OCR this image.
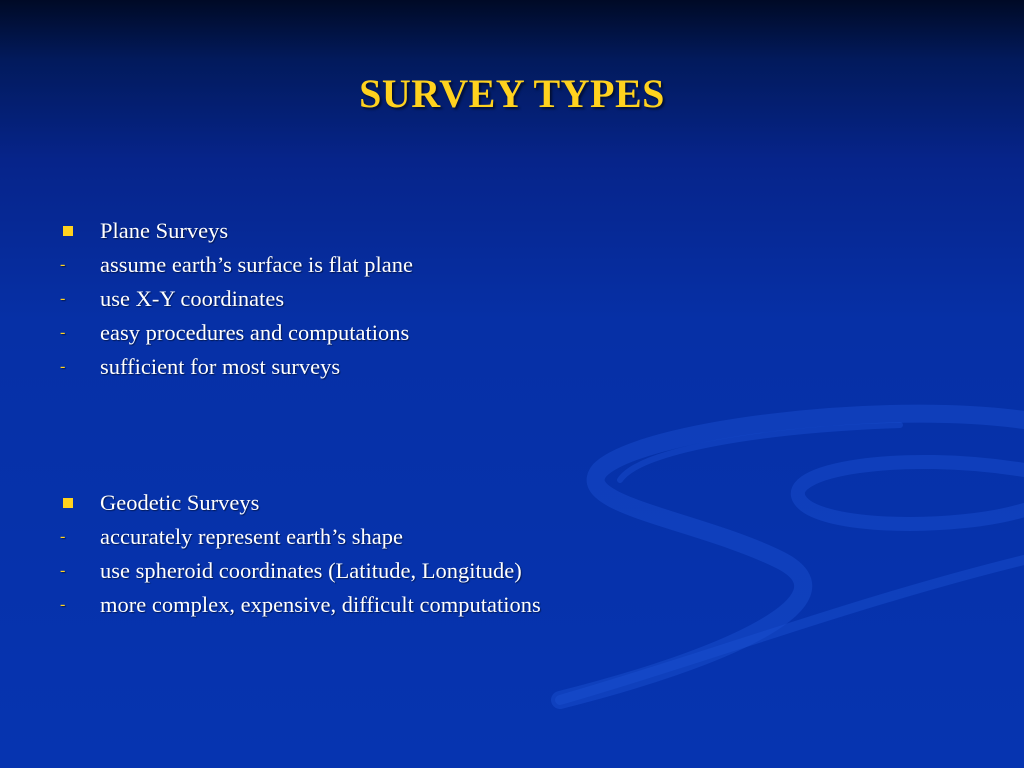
SURVEY TYPES
Plane Surveys
- assume earth’s surface is flat plane
- use X-Y coordinates
- easy procedures and computations
- sufficient for most surveys
Geodetic Surveys
- accurately represent earth’s shape
- use spheroid coordinates (Latitude, Longitude)
- more complex, expensive, difficult computations
